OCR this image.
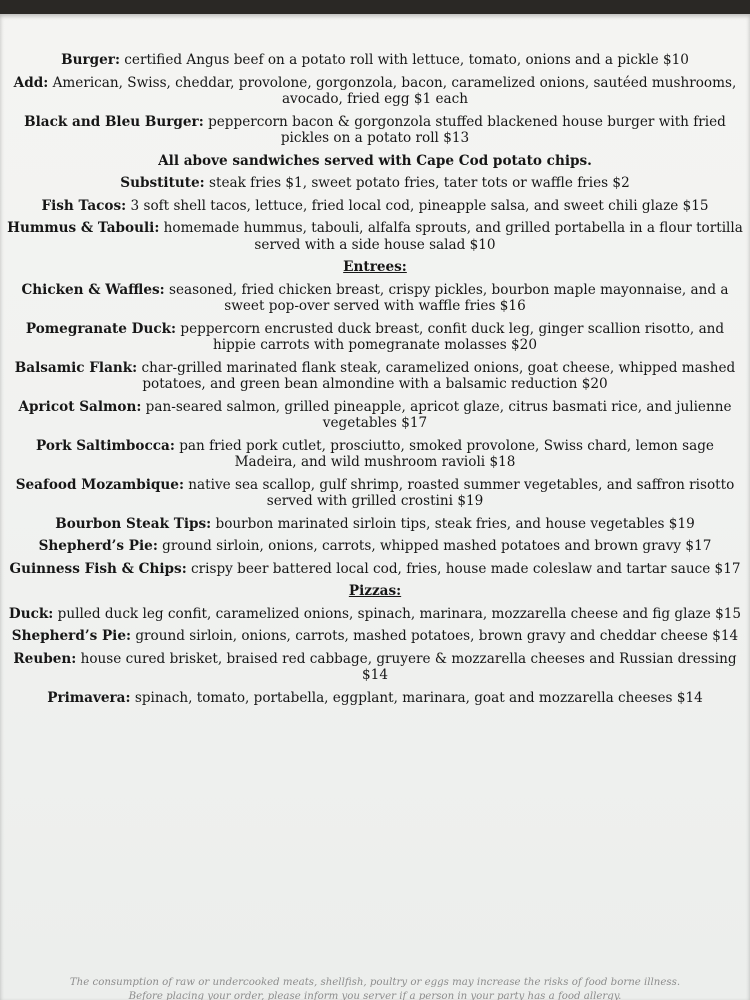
Burger: certified Angus beef on a potato roll with lettuce, tomato, onions and a pickle $10
Add: American, Swiss, cheddar, provolone, gorgonzola, bacon, caramelized onions, sautéed mushrooms, avocado, fried egg $1 each
Black and Bleu Burger: peppercorn bacon & gorgonzola stuffed blackened house burger with fried pickles on a potato roll $13
All above sandwiches served with Cape Cod potato chips.
Substitute: steak fries $1, sweet potato fries, tater tots or waffle fries $2
Fish Tacos: 3 soft shell tacos, lettuce, fried local cod, pineapple salsa, and sweet chili glaze $15
Hummus & Tabouli: homemade hummus, tabouli, alfalfa sprouts, and grilled portabella in a flour tortilla served with a side house salad $10
Entrees:
Chicken & Waffles: seasoned, fried chicken breast, crispy pickles, bourbon maple mayonnaise, and a sweet pop-over served with waffle fries $16
Pomegranate Duck: peppercorn encrusted duck breast, confit duck leg, ginger scallion risotto, and hippie carrots with pomegranate molasses $20
Balsamic Flank: char-grilled marinated flank steak, caramelized onions, goat cheese, whipped mashed potatoes, and green bean almondine with a balsamic reduction $20
Apricot Salmon: pan-seared salmon, grilled pineapple, apricot glaze, citrus basmati rice, and julienne vegetables $17
Pork Saltimbocca: pan fried pork cutlet, prosciutto, smoked provolone, Swiss chard, lemon sage Madeira, and wild mushroom ravioli $18
Seafood Mozambique: native sea scallop, gulf shrimp, roasted summer vegetables, and saffron risotto served with grilled crostini $19
Bourbon Steak Tips: bourbon marinated sirloin tips, steak fries, and house vegetables $19
Shepherd’s Pie: ground sirloin, onions, carrots, whipped mashed potatoes and brown gravy $17
Guinness Fish & Chips: crispy beer battered local cod, fries, house made coleslaw and tartar sauce $17
Pizzas:
Duck: pulled duck leg confit, caramelized onions, spinach, marinara, mozzarella cheese and fig glaze $15
Shepherd’s Pie: ground sirloin, onions, carrots, mashed potatoes, brown gravy and cheddar cheese $14
Reuben: house cured brisket, braised red cabbage, gruyere & mozzarella cheeses and Russian dressing $14
Primavera: spinach, tomato, portabella, eggplant, marinara, goat and mozzarella cheeses $14
The consumption of raw or undercooked meats, shellfish, poultry or eggs may increase the risks of food borne illness.
Before placing your order, please inform you server if a person in your party has a food allergy.
